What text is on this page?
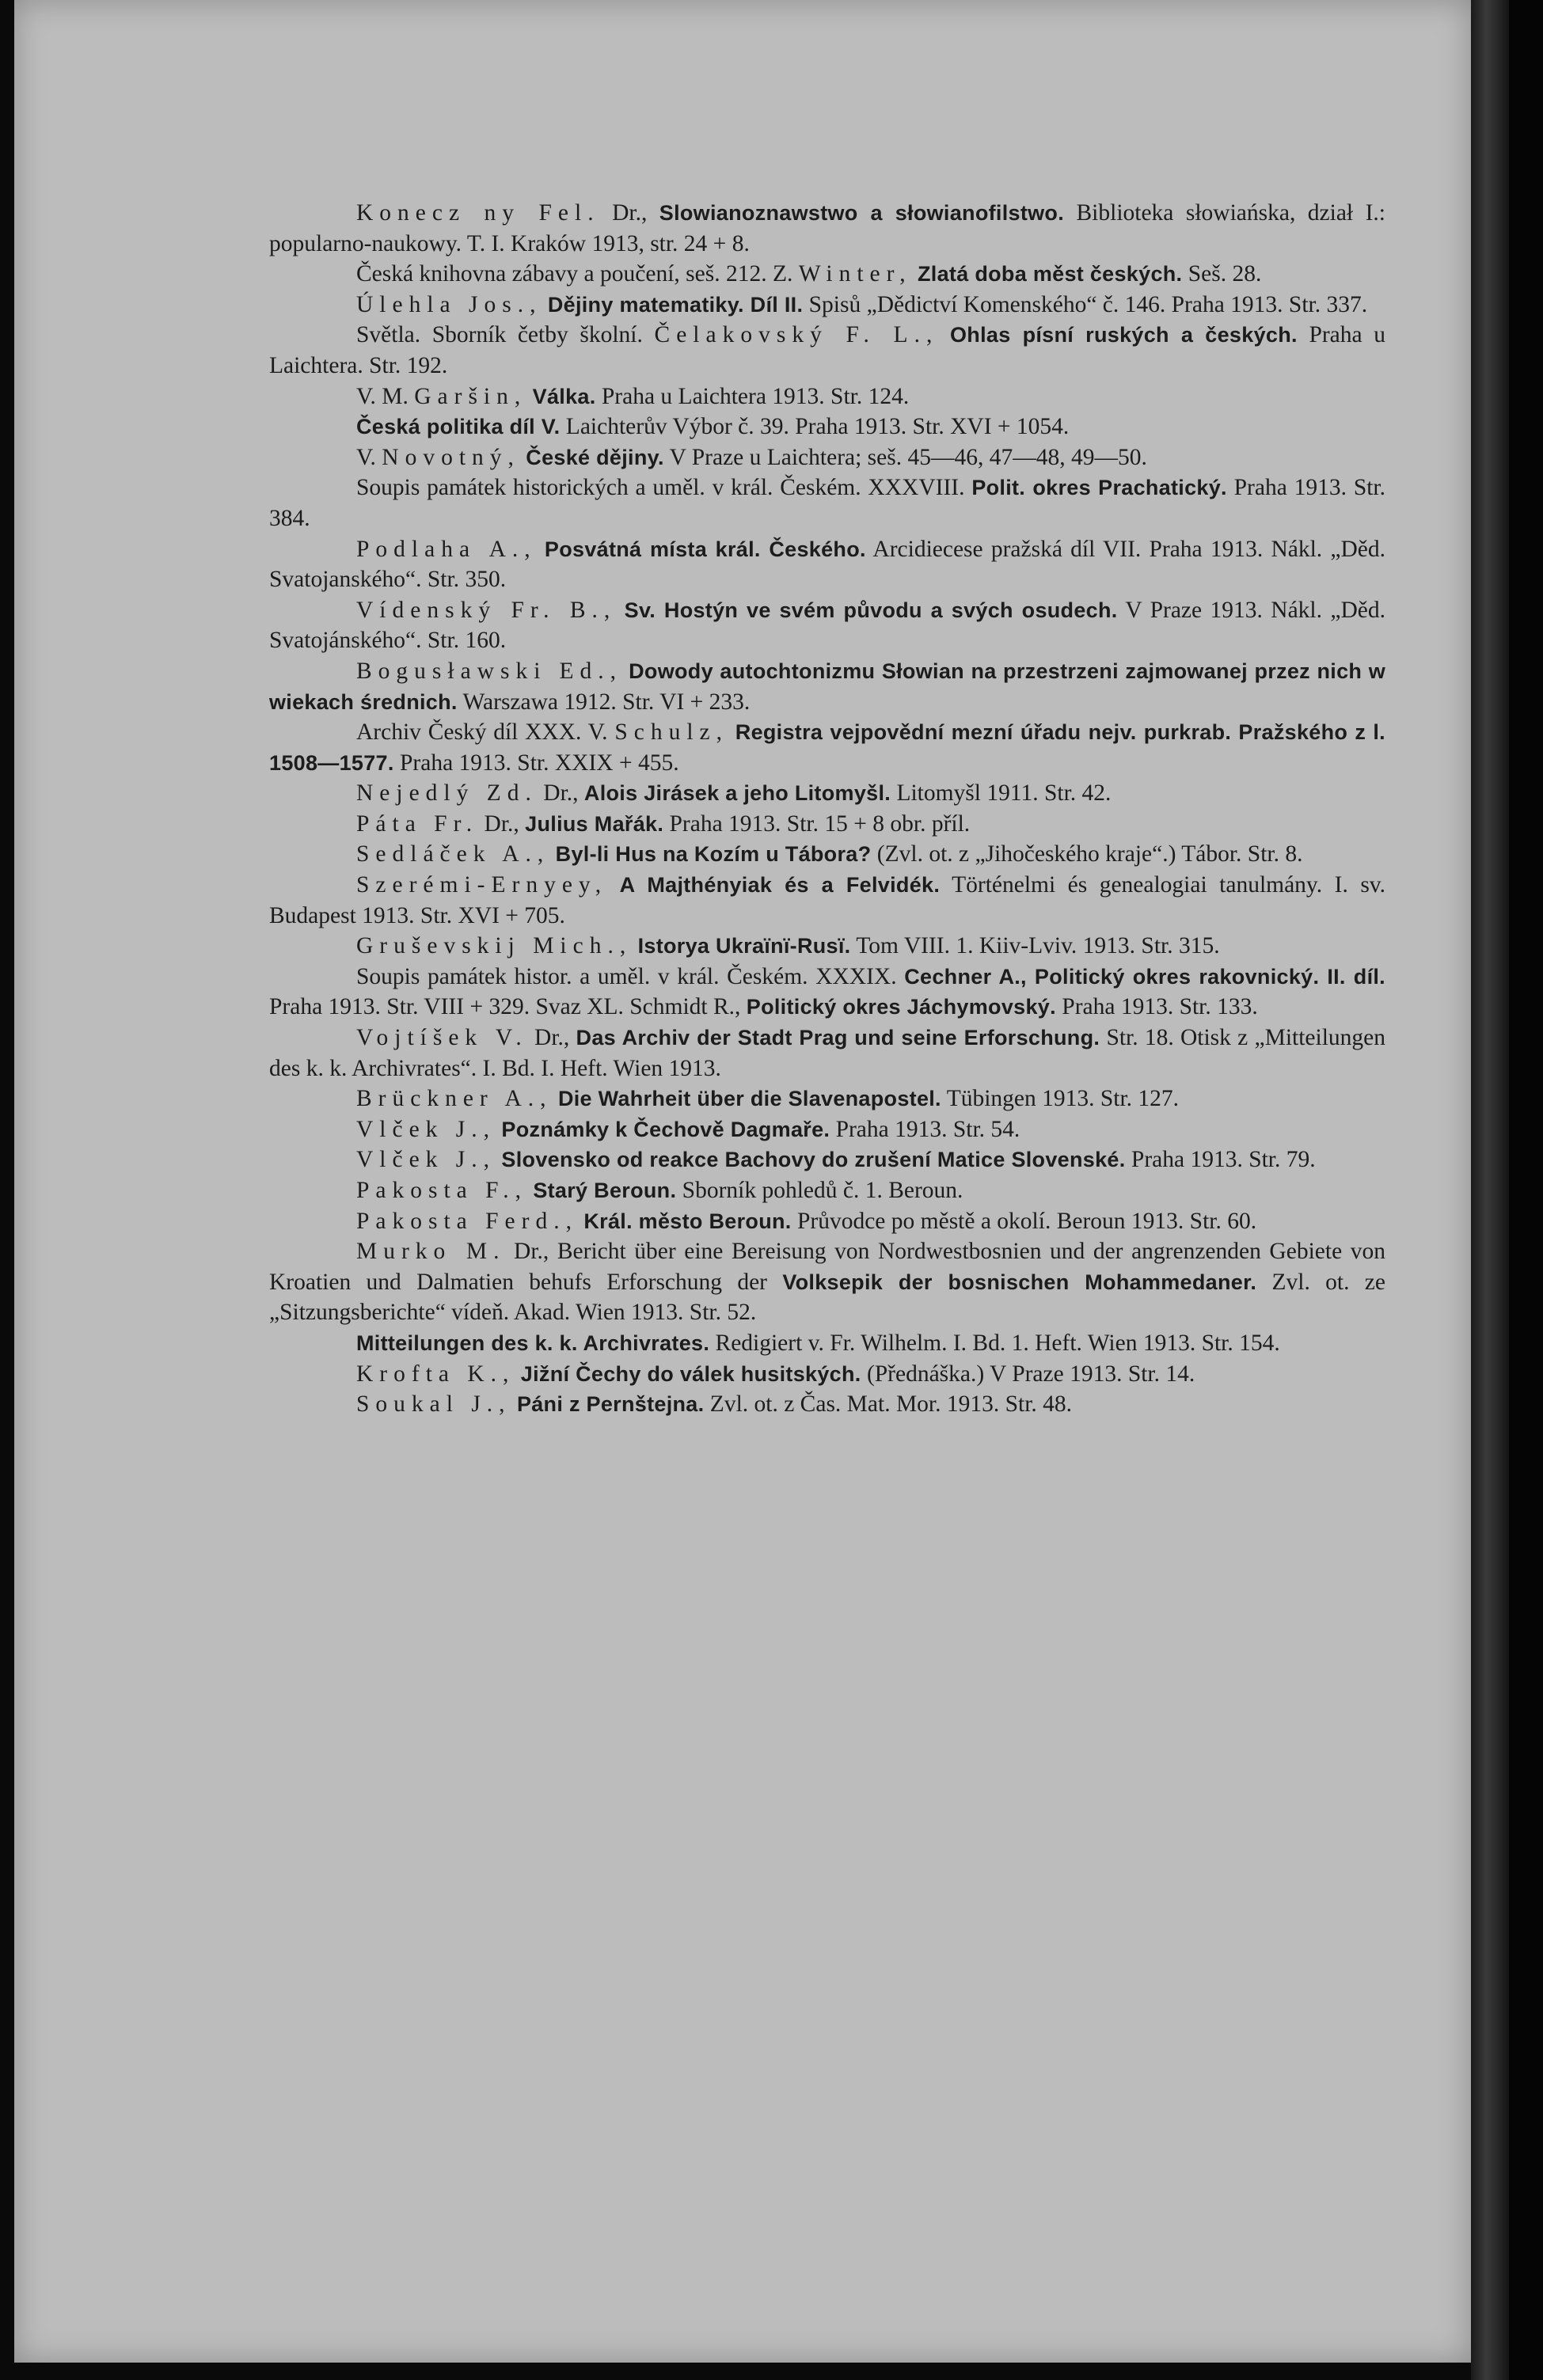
Konecz ny Fel. Dr., Slowianoznawstwo a słowianofilstwo. Biblioteka słowiańska, dział I.: popularno-naukowy. T. I. Kraków 1913, str. 24 + 8.

Česká knihovna zábavy a poučení, seš. 212. Z. Winter, Zlatá doba měst českých. Seš. 28.

Úlehla Jos., Dějiny matematiky. Díl II. Spisů „Dědictví Komenského“ č. 146. Praha 1913. Str. 337.

Světla. Sborník četby školní. Čelakovský F. L., Ohlas písní ruských a českých. Praha u Laichtera. Str. 192.

V. M. Garšin, Válka. Praha u Laichtera 1913. Str. 124.

Česká politika díl V. Laichterův Výbor č. 39. Praha 1913. Str. XVI + 1054.

V. Novotný, České dějiny. V Praze u Laichtera; seš. 45—46, 47—48, 49—50.

Soupis památek historických a uměl. v král. Českém. XXXVIII. Polit. okres Prachatický. Praha 1913. Str. 384.

Podlaha A., Posvátná místa král. Českého. Arcidiecese pražská díl VII. Praha 1913. Nákl. „Děd. Svatojanského“. Str. 350.

Vídenský Fr. B., Sv. Hostýn ve svém původu a svých osudech. V Praze 1913. Nákl. „Děd. Svatojánského“. Str. 160.

Bogusławski Ed., Dowody autochtonizmu Słowian na przestrzeni zajmowanej przez nich w wiekach średnich. Warszawa 1912. Str. VI + 233.

Archiv Český díl XXX. V. Schulz, Registra vejpovědní mezní úřadu nejv. purkrab. Pražského z l. 1508—1577. Praha 1913. Str. XXIX + 455.

Nejedlý Zd. Dr., Alois Jirásek a jeho Litomyšl. Litomyšl 1911. Str. 42.

Páta Fr. Dr., Julius Mařák. Praha 1913. Str. 15 + 8 obr. příl.

Sedláček A., Byl-li Hus na Kozím u Tábora? (Zvl. ot. z „Jihočeského kraje“.) Tábor. Str. 8.

Szerémi-Ernyey, A Majthényiak és a Felvidék. Történelmi és genealogiai tanulmány. I. sv. Budapest 1913. Str. XVI + 705.

Gruševskij Mich., Istorya Ukraïnï-Rusï. Tom VIII. 1. Kiiv-Lviv. 1913. Str. 315.

Soupis památek histor. a uměl. v král. Českém. XXXIX. Cechner A., Politický okres rakovnický. II. díl. Praha 1913. Str. VIII + 329. Svaz XL. Schmidt R., Politický okres Jáchymovský. Praha 1913. Str. 133.

Vojtíšek V. Dr., Das Archiv der Stadt Prag und seine Erforschung. Str. 18. Otisk z „Mitteilungen des k. k. Archivrates“. I. Bd. I. Heft. Wien 1913.

Brückner A., Die Wahrheit über die Slavenapostel. Tübingen 1913. Str. 127.

Vlček J., Poznámky k Čechově Dagmaře. Praha 1913. Str. 54.

Vlček J., Slovensko od reakce Bachovy do zrušení Matice Slovenské. Praha 1913. Str. 79.

Pakosta F., Starý Beroun. Sborník pohledů č. 1. Beroun.

Pakosta Ferd., Král. město Beroun. Průvodce po městě a okolí. Beroun 1913. Str. 60.

Murko M. Dr., Bericht über eine Bereisung von Nordwestbosnien und der angrenzenden Gebiete von Kroatien und Dalmatien behufs Erforschung der Volksepik der bosnischen Mohammedaner. Zvl. ot. ze „Sitzungsberichte“ vídeň. Akad. Wien 1913. Str. 52.

Mitteilungen des k. k. Archivrates. Redigiert v. Fr. Wilhelm. I. Bd. 1. Heft. Wien 1913. Str. 154.

Krofta K., Jižní Čechy do válek husitských. (Přednáška.) V Praze 1913. Str. 14.

Soukal J., Páni z Pernštejna. Zvl. ot. z Čas. Mat. Mor. 1913. Str. 48.
